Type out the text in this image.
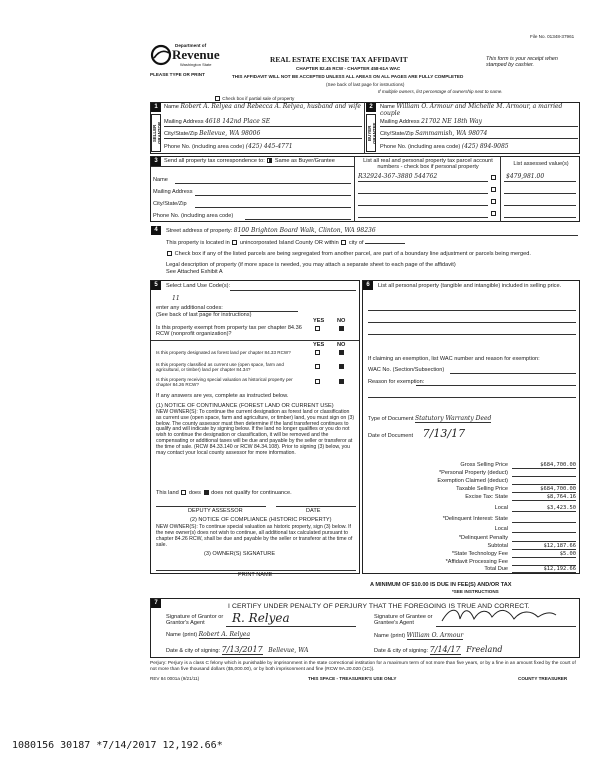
File No. 01348-37961
Department of
Revenue
Washington State
PLEASE TYPE OR PRINT
REAL ESTATE EXCISE TAX AFFIDAVIT
CHAPTER 82.45 RCW - CHAPTER 458-61A WAC
This form is your receipt when stamped by cashier.
THIS AFFIDAVIT WILL NOT BE ACCEPTED UNLESS ALL AREAS ON ALL PAGES ARE FULLY COMPLETED
(See back of last page for instructions)
If multiple owners, list percentage of ownership next to name.
Check box if partial sale of property
1
SELLER GRANTOR
Name Robert A. Relyea and Rebecca A. Relyea, husband and wife
Mailing Address 4618 142nd Place SE
City/State/Zip Bellevue, WA 98006
Phone No. (including area code) (425) 445-4771
2
BUYER GRANTEE
Name William O. Armour and Michelle M. Armour, a married couple
Mailing Address 21702 NE 18th Way
City/State/Zip Sammamish, WA 98074
Phone No. (including area code) (425) 894-9085
3	Send all property tax correspondence to: Same as Buyer/Grantee
Name
Mailing Address
City/State/Zip
Phone No. (including area code)
List all real and personal property tax parcel account numbers - check box if personal property
List assessed value(s)
R32924-367-3880 544762	$479,981.00
4	Street address of property: 8100 Brighton Board Walk, Clinton, WA 98236
This property is located in unincorporated Island County OR within city of
Check box if any of the listed parcels are being segregated from another parcel, are part of a boundary line adjustment or parcels being merged.
Legal description of property (if more space is needed, you may attach a separate sheet to each page of the affidavit)
See Attached Exhibit A
5	Select Land Use Code(s):
11
enter any additional codes:
(See back of last page for instructions)
YES NO
Is this property exempt from property tax per chapter 84.36 RCW (nonprofit organization)?
YES NO
Is this property designated as forest land per chapter 84.33 RCW?
Is this property classified as current use (open space, farm and agricultural, or timber) land per chapter 84.34?
Is this property receiving special valuation as historical property per chapter 84.26 RCW?
If any answers are yes, complete as instructed below.
(1) NOTICE OF CONTINUANCE (FOREST LAND OR CURRENT USE)
NEW OWNER(S): To continue the current designation as forest land or classification as current use (open space, farm and agriculture, or timber) land, you must sign on (3) below. The county assessor must then determine if the land transferred continues to qualify and will indicate by signing below. If the land no longer qualifies or you do not wish to continue the designation or classification, it will be removed and the compensating or additional taxes will be due and payable by the seller or transferor at the time of sale. (RCW 84.33.140 or RCW 84.34.108). Prior to signing (3) below, you may contact your local county assessor for more information.
This land does does not qualify for continuance.
DEPUTY ASSESSOR	DATE
(2) NOTICE OF COMPLIANCE (HISTORIC PROPERTY)
NEW OWNER(S): To continue special valuation as historic property, sign (3) below. If the new owner(s) does not wish to continue, all additional tax calculated pursuant to chapter 84.26 RCW, shall be due and payable by the seller or transferor at the time of sale.
(3) OWNER(S) SIGNATURE
PRINT NAME
6	List all personal property (tangible and intangible) included in selling price.
If claiming an exemption, list WAC number and reason for exemption:
WAC No. (Section/Subsection)
Reason for exemption:
Type of Document Statutory Warranty Deed
Date of Document 7/13/17
Gross Selling Price	$684,700.00
*Personal Property (deduct)

Exemption Claimed (deduct)

Taxable Selling Price	$684,700.00
Excise Tax: State	$8,764.16
Local	$3,423.50
*Delinquent Interest: State

Local

*Delinquent Penalty

Subtotal	$12,187.66
*State Technology Fee	$5.00
*Affidavit Processing Fee

Total Due	$12,192.66
A MINIMUM OF $10.00 IS DUE IN FEE(S) AND/OR TAX
*SEE INSTRUCTIONS
7	I CERTIFY UNDER PENALTY OF PERJURY THAT THE FOREGOING IS TRUE AND CORRECT.
Signature of Grantor or Grantor's Agent	R. Relyea
Name (print) Robert A. Relyea
Date & city of signing: 7/13/2017 Bellevue, WA
Signature of Grantee or Grantee's Agent
Name (print) William O. Armour
Date & city of signing: 7/14/17 Freeland
Perjury: Perjury is a class C felony which is punishable by imprisonment in the state correctional institution for a maximum term of not more than five years, or by a fine in an amount fixed by the court of not more than five thousand dollars ($5,000.00), or by both imprisonment and fine (RCW 9A.20.020 (1C)).
REV 84 0001a (9/21/11)	THIS SPACE - TREASURER'S USE ONLY	COUNTY TREASURER
1080156 30187 *7/14/2017 12,192.66*
